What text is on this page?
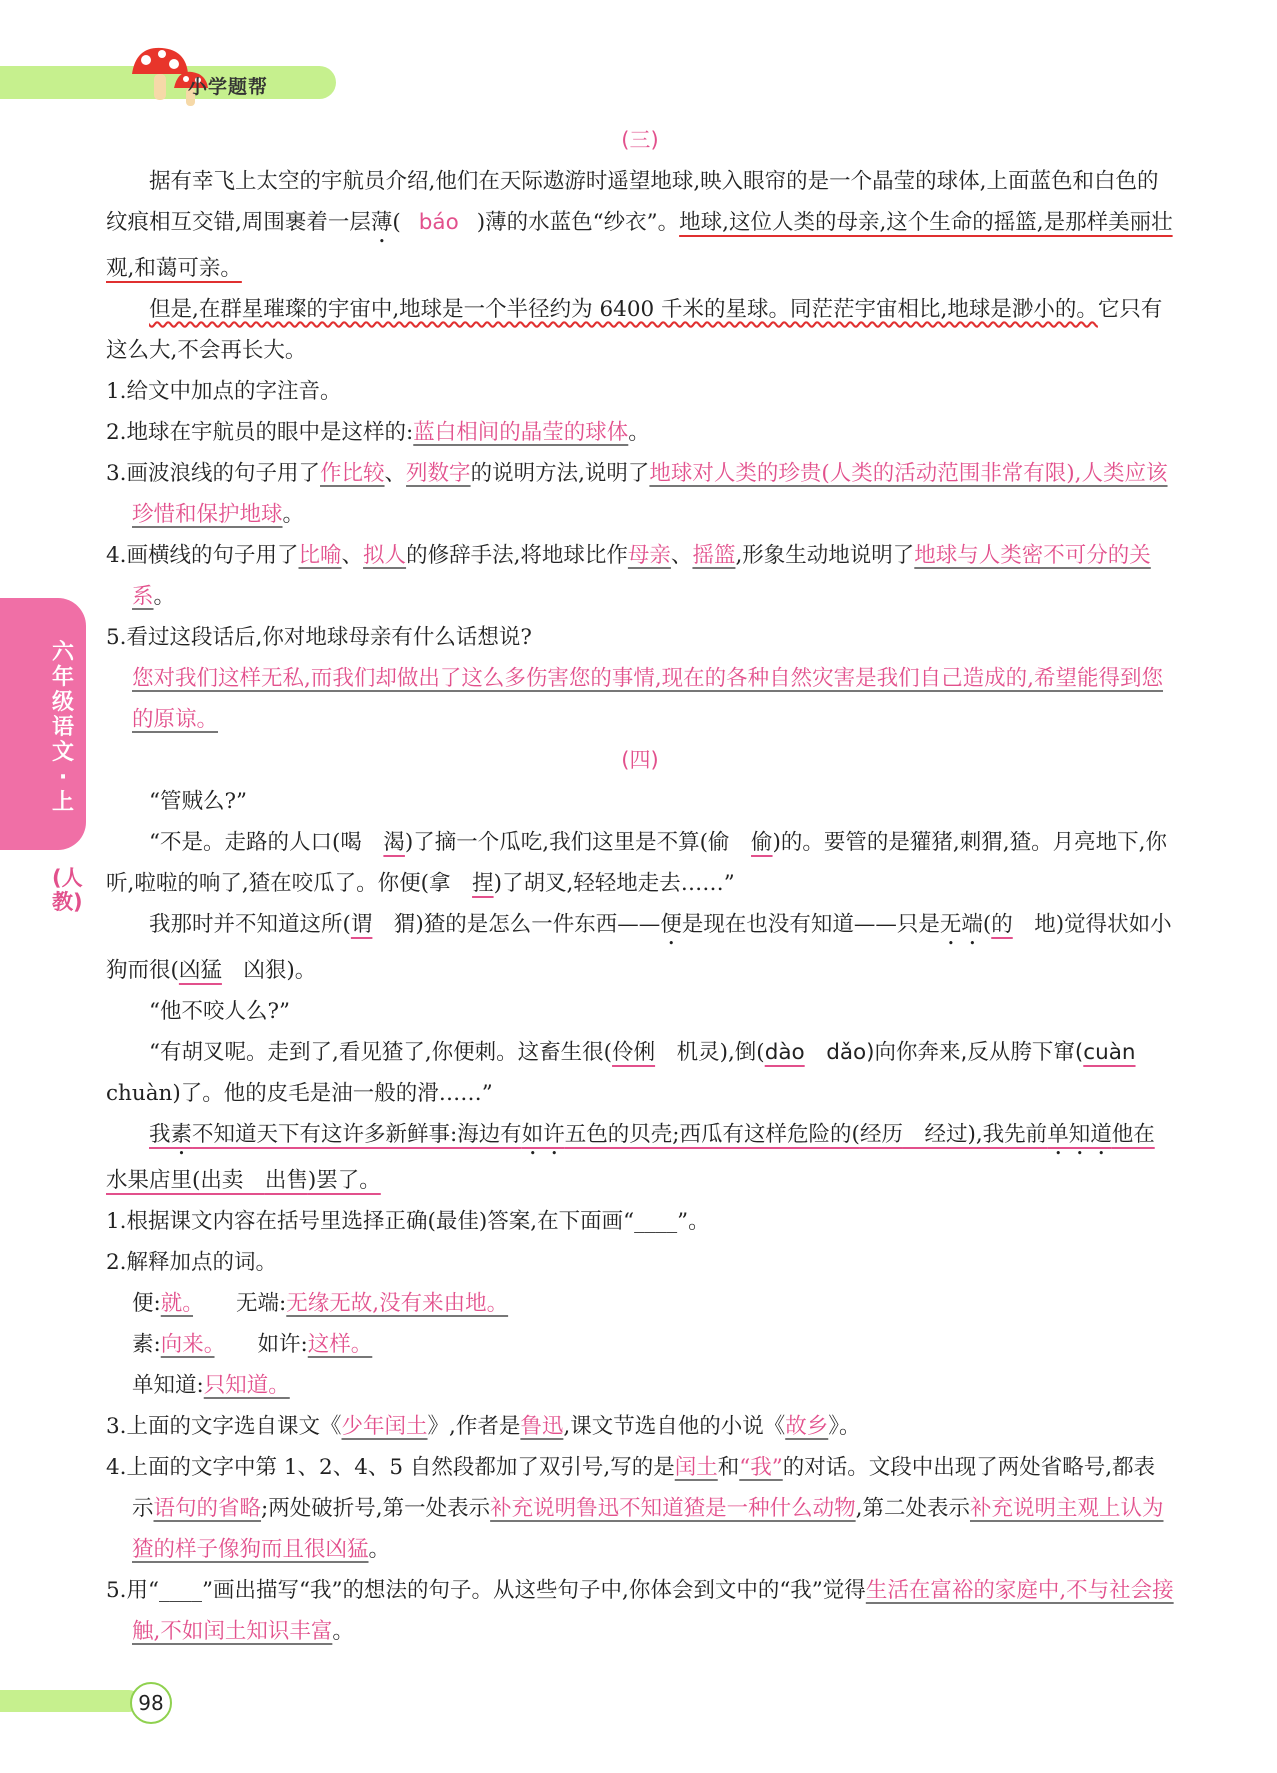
小学题帮
六年级语文·上
(人教)

(三)

据有幸飞上太空的宇航员介绍,他们在天际遨游时遥望地球,映入眼帘的是一个晶莹的球体,上面蓝色和白色的纹痕相互交错,周围裹着一层薄( báo )薄的水蓝色“纱衣”。地球,这位人类的母亲,这个生命的摇篮,是那样美丽壮观,和蔼可亲。

但是,在群星璀璨的宇宙中,地球是一个半径约为 6400 千米的星球。同茫茫宇宙相比,地球是渺小的。它只有这么大,不会再长大。

1.给文中加点的字注音。

2.地球在宇航员的眼中是这样的:蓝白相间的晶莹的球体。

3.画波浪线的句子用了作比较、列数字的说明方法,说明了地球对人类的珍贵(人类的活动范围非常有限),人类应该珍惜和保护地球。

4.画横线的句子用了比喻、拟人的修辞手法,将地球比作母亲、摇篮,形象生动地说明了地球与人类密不可分的关系。

5.看过这段话后,你对地球母亲有什么话想说?

您对我们这样无私,而我们却做出了这么多伤害您的事情,现在的各种自然灾害是我们自己造成的,希望能得到您的原谅。

(四)

“管贼么?”

“不是。走路的人口(喝　渴)了摘一个瓜吃,我们这里是不算(偷　偷)的。要管的是獾猪,刺猬,猹。月亮地下,你听,啦啦的响了,猹在咬瓜了。你便(拿　捏)了胡叉,轻轻地走去……”

我那时并不知道这所(谓　猬)猹的是怎么一件东西——便是现在也没有知道——只是无端(的　地)觉得状如小狗而很(凶猛　凶狠)。

“他不咬人么?”

“有胡叉呢。走到了,看见猹了,你便刺。这畜生很(伶俐　机灵),倒(dào　dǎo)向你奔来,反从胯下窜(cuàn　chuàn)了。他的皮毛是油一般的滑……”

我素不知道天下有这许多新鲜事:海边有如许五色的贝壳;西瓜有这样危险的(经历　经过),我先前单知道他在水果店里(出卖　出售)罢了。

1.根据课文内容在括号里选择正确(最佳)答案,在下面画“____”。

2.解释加点的词。

便:就。　　无端:无缘无故,没有来由地。

素:向来。　　如许:这样。

单知道:只知道。

3.上面的文字选自课文《少年闰土》,作者是鲁迅,课文节选自他的小说《故乡》。

4.上面的文字中第 1、2、4、5 自然段都加了双引号,写的是闰土和“我”的对话。文段中出现了两处省略号,都表示语句的省略;两处破折号,第一处表示补充说明鲁迅不知道猹是一种什么动物,第二处表示补充说明主观上认为猹的样子像狗而且很凶猛。

5.用“____”画出描写“我”的想法的句子。从这些句子中,你体会到文中的“我”觉得生活在富裕的家庭中,不与社会接触,不如闰土知识丰富。

98
